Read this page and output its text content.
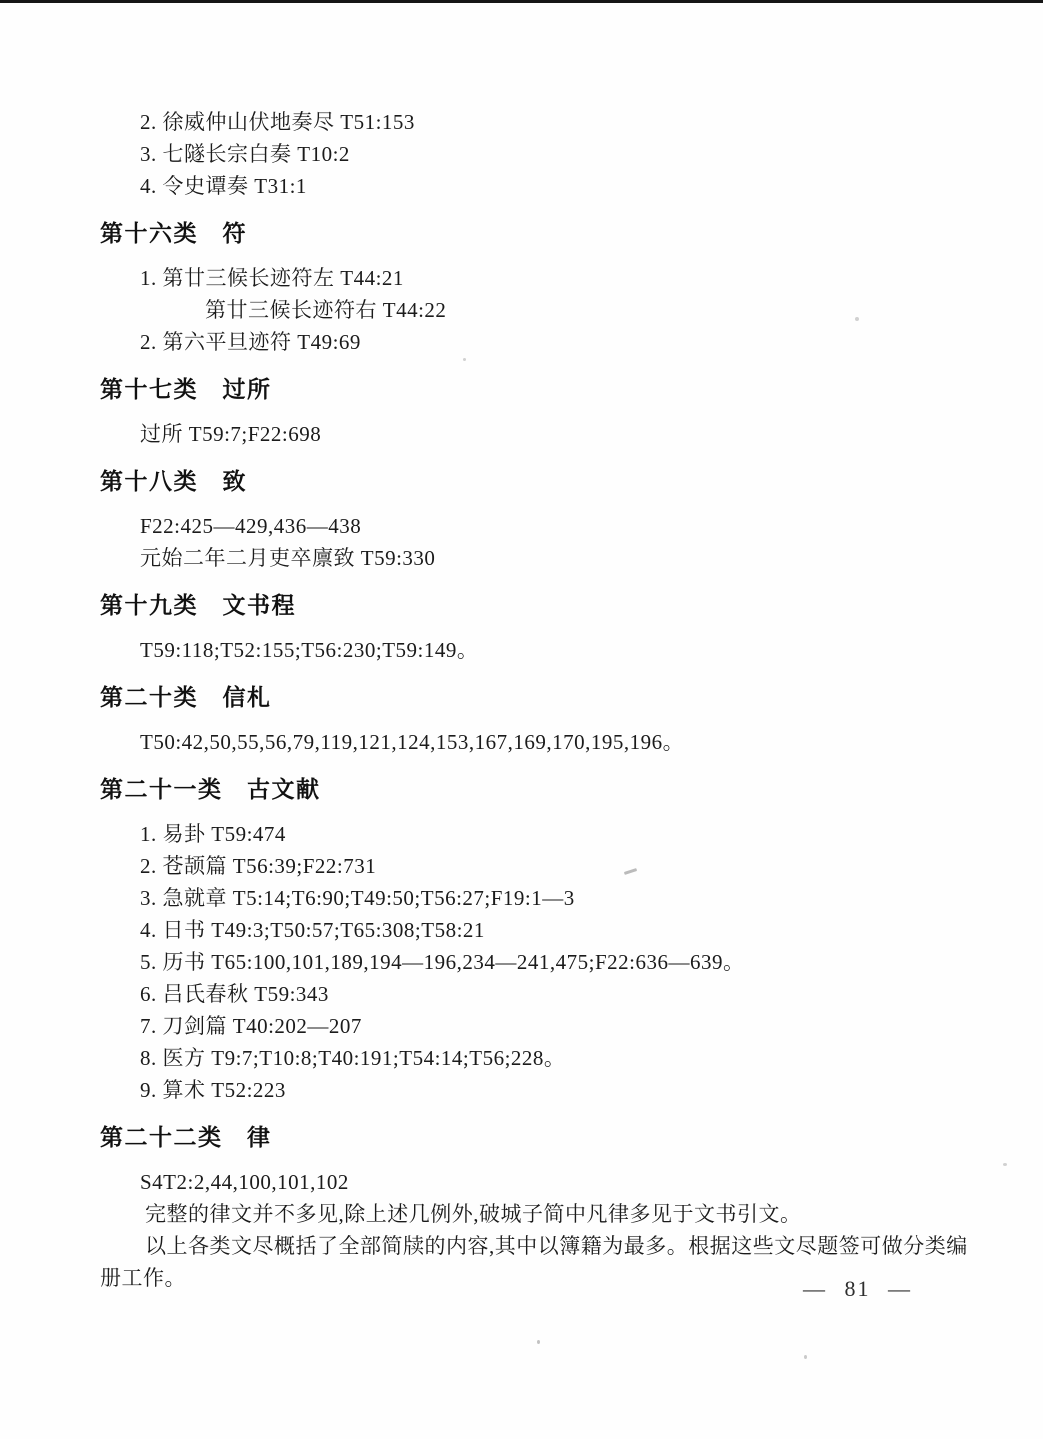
2. 徐威仲山伏地奏尽 T51:153
3. 七隧长宗白奏 T10:2
4. 令史谭奏 T31:1
第十六类　符
1. 第廿三候长迹符左 T44:21
第廿三候长迹符右 T44:22
2. 第六平旦迹符 T49:69
第十七类　过所
过所 T59:7;F22:698
第十八类　致
F22:425—429,436—438
元始二年二月吏卒廪致 T59:330
第十九类　文书程
T59:118;T52:155;T56:230;T59:149。
第二十类　信札
T50:42,50,55,56,79,119,121,124,153,167,169,170,195,196。
第二十一类　古文献
1. 易卦 T59:474
2. 苍颉篇 T56:39;F22:731
3. 急就章 T5:14;T6:90;T49:50;T56:27;F19:1—3
4. 日书 T49:3;T50:57;T65:308;T58:21
5. 历书 T65:100,101,189,194—196,234—241,475;F22:636—639。
6. 吕氏春秋 T59:343
7. 刀剑篇 T40:202—207
8. 医方 T9:7;T10:8;T40:191;T54:14;T56;228。
9. 算术 T52:223
第二十二类　律
S4T2:2,44,100,101,102
完整的律文并不多见,除上述几例外,破城子简中凡律多见于文书引文。
以上各类文尽概括了全部简牍的内容,其中以簿籍为最多。根据这些文尽题签可做分类编
册工作。	— 81 —
